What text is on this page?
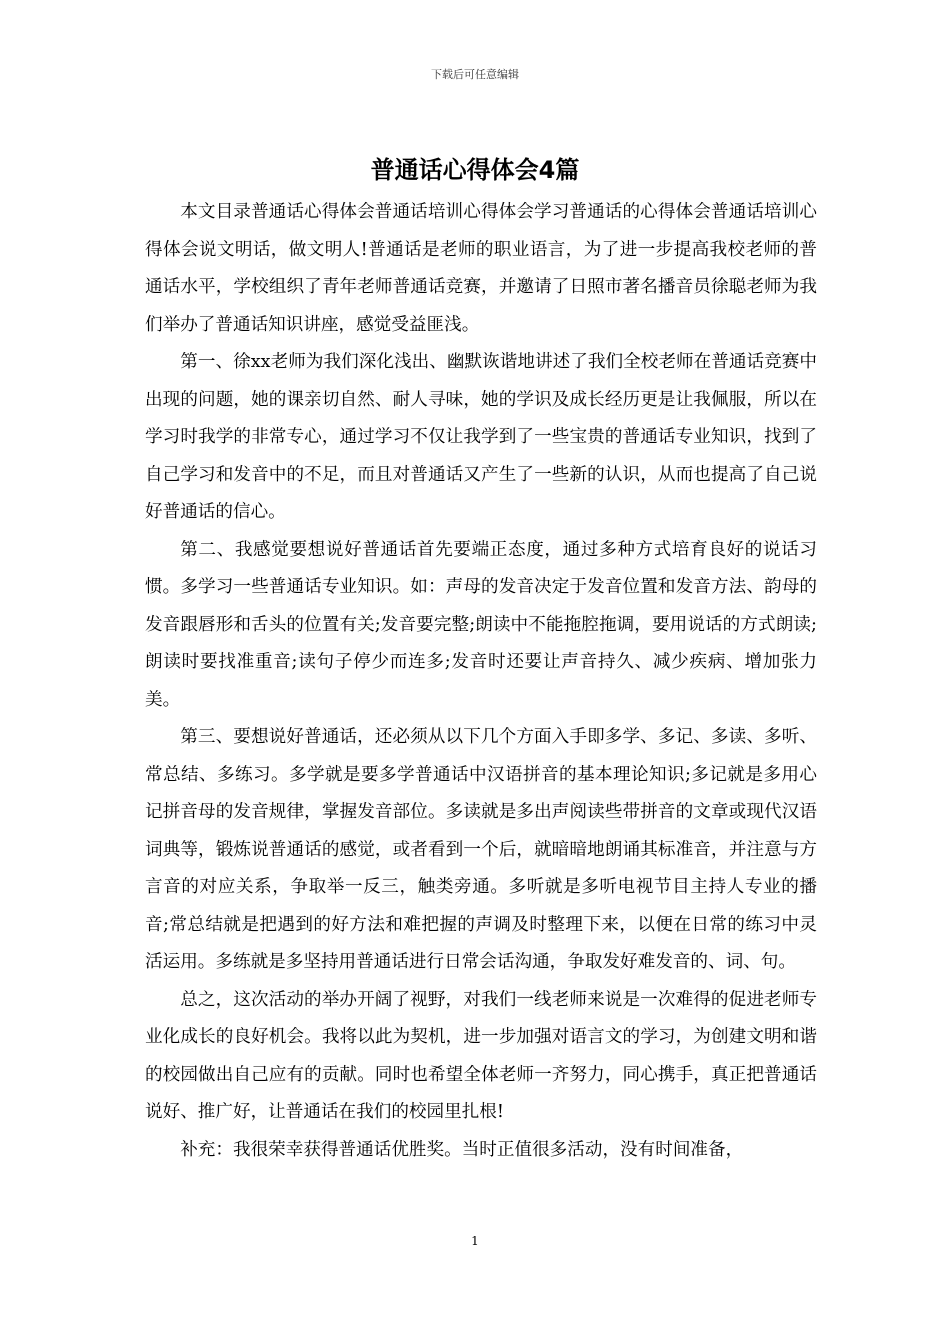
下载后可任意编辑
普通话心得体会4篇

本文目录普通话心得体会普通话培训心得体会学习普通话的心得体会普通话培训心得体会说文明话，做文明人!普通话是老师的职业语言，为了进一步提高我校老师的普通话水平，学校组织了青年老师普通话竞赛，并邀请了日照市著名播音员徐聪老师为我们举办了普通话知识讲座，感觉受益匪浅。

第一、徐xx老师为我们深化浅出、幽默诙谐地讲述了我们全校老师在普通话竞赛中出现的问题，她的课亲切自然、耐人寻味，她的学识及成长经历更是让我佩服，所以在学习时我学的非常专心，通过学习不仅让我学到了一些宝贵的普通话专业知识，找到了自己学习和发音中的不足，而且对普通话又产生了一些新的认识，从而也提高了自己说好普通话的信心。

第二、我感觉要想说好普通话首先要端正态度，通过多种方式培育良好的说话习惯。多学习一些普通话专业知识。如：声母的发音决定于发音位置和发音方法、韵母的发音跟唇形和舌头的位置有关;发音要完整;朗读中不能拖腔拖调，要用说话的方式朗读;朗读时要找准重音;读句子停少而连多;发音时还要让声音持久、减少疾病、增加张力美。

第三、要想说好普通话，还必须从以下几个方面入手即多学、多记、多读、多听、常总结、多练习。多学就是要多学普通话中汉语拼音的基本理论知识;多记就是多用心记拼音母的发音规律，掌握发音部位。多读就是多出声阅读些带拼音的文章或现代汉语词典等，锻炼说普通话的感觉，或者看到一个后，就暗暗地朗诵其标准音，并注意与方言音的对应关系，争取举一反三，触类旁通。多听就是多听电视节目主持人专业的播音;常总结就是把遇到的好方法和难把握的声调及时整理下来，以便在日常的练习中灵活运用。多练就是多坚持用普通话进行日常会话沟通，争取发好难发音的、词、句。

总之，这次活动的举办开阔了视野，对我们一线老师来说是一次难得的促进老师专业化成长的良好机会。我将以此为契机，进一步加强对语言文的学习，为创建文明和谐的校园做出自己应有的贡献。同时也希望全体老师一齐努力，同心携手，真正把普通话说好、推广好，让普通话在我们的校园里扎根!

补充：我很荣幸获得普通话优胜奖。当时正值很多活动，没有时间准备，

1
